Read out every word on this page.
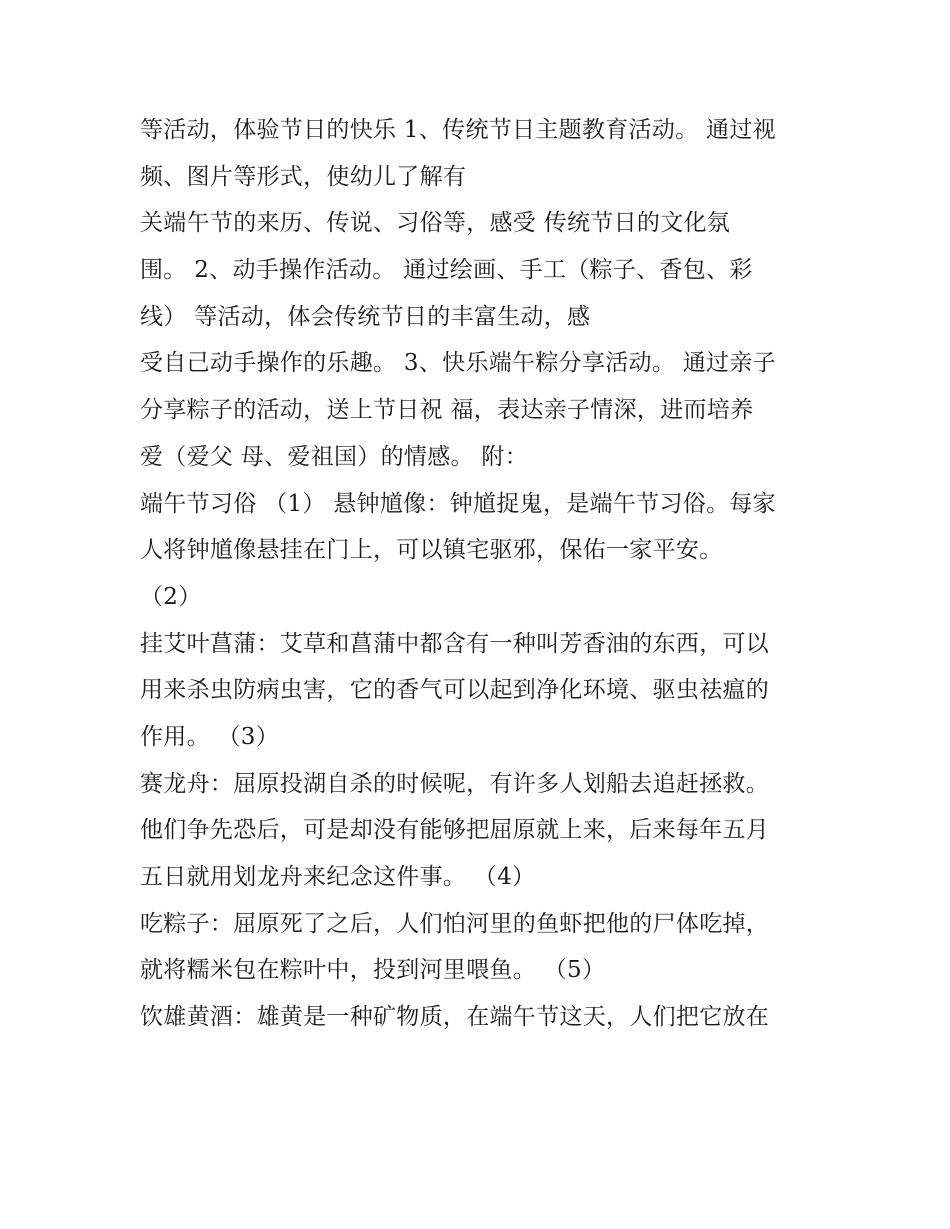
等活动，体验节日的快乐 1、传统节日主题教育活动。 通过视
频、图片等形式，使幼儿了解有
关端午节的来历、传说、习俗等，感受 传统节日的文化氛
围。 2、动手操作活动。 通过绘画、手工（粽子、香包、彩
线） 等活动，体会传统节日的丰富生动，感
受自己动手操作的乐趣。 3、快乐端午粽分享活动。 通过亲子
分享粽子的活动，送上节日祝 福，表达亲子情深，进而培养
爱（爱父 母、爱祖国）的情感。 附：
端午节习俗 （1） 悬钟馗像：钟馗捉鬼，是端午节习俗。每家
人将钟馗像悬挂在门上，可以镇宅驱邪，保佑一家平安。
（2）
挂艾叶菖蒲：艾草和菖蒲中都含有一种叫芳香油的东西，可以
用来杀虫防病虫害，它的香气可以起到净化环境、驱虫祛瘟的
作用。 （3）
赛龙舟：屈原投湖自杀的时候呢，有许多人划船去追赶拯救。
他们争先恐后，可是却没有能够把屈原就上来，后来每年五月
五日就用划龙舟来纪念这件事。 （4）
吃粽子：屈原死了之后，人们怕河里的鱼虾把他的尸体吃掉，
就将糯米包在粽叶中，投到河里喂鱼。 （5）
饮雄黄酒：雄黄是一种矿物质，在端午节这天，人们把它放在
